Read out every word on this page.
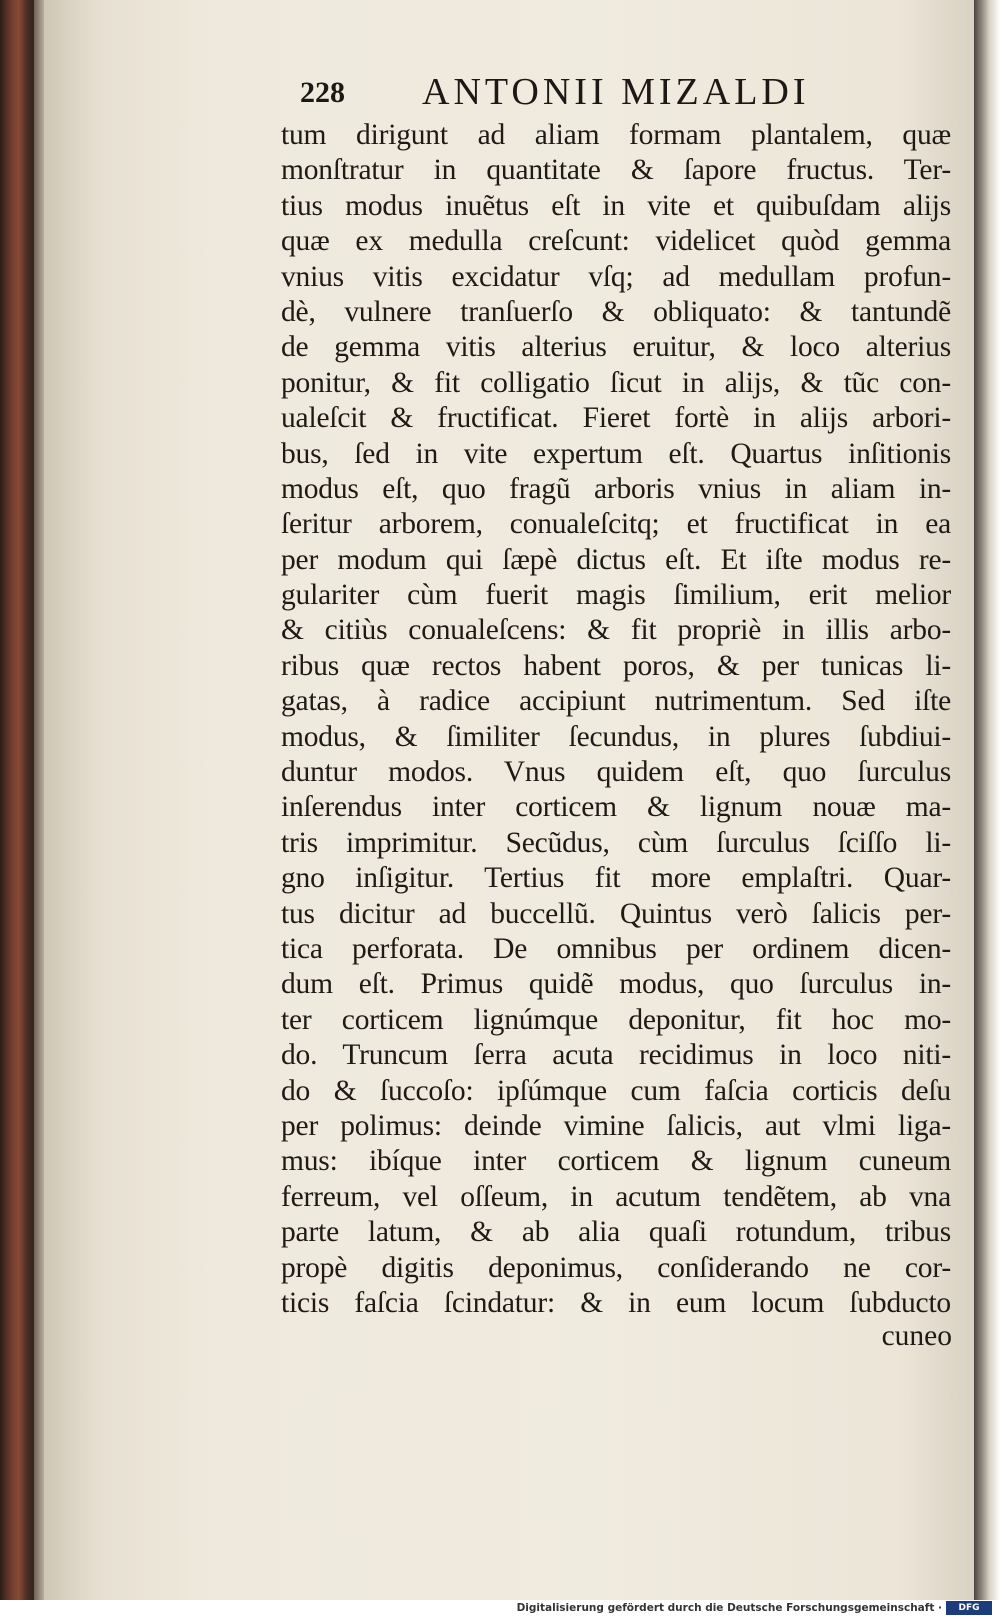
228 ANTONII MIZALDI
tum dirigunt ad aliam formam plantalem, quæ
monſtratur in quantitate & ſapore fructus. Ter-
tius modus inuẽtus eſt in vite et quibuſdam alijs
quæ ex medulla creſcunt: videlicet quòd gemma
vnius vitis excidatur vſq; ad medullam profun-
dè, vulnere tranſuerſo & obliquato: & tantundẽ
de gemma vitis alterius eruitur, & loco alterius
ponitur, & fit colligatio ſicut in alijs, & tũc con-
ualeſcit & fructificat. Fieret fortè in alijs arbori-
bus, ſed in vite expertum eſt. Quartus inſitionis
modus eſt, quo fragũ arboris vnius in aliam in-
ſeritur arborem, conualeſcitq; et fructificat in ea
per modum qui ſæpè dictus eſt. Et iſte modus re-
gulariter cùm fuerit magis ſimilium, erit melior
& citiùs conualeſcens: & fit propriè in illis arbo-
ribus quæ rectos habent poros, & per tunicas li-
gatas, à radice accipiunt nutrimentum. Sed iſte
modus, & ſimiliter ſecundus, in plures ſubdiui-
duntur modos. Vnus quidem eſt, quo ſurculus
inſerendus inter corticem & lignum nouæ ma-
tris imprimitur. Secũdus, cùm ſurculus ſciſſo li-
gno inſigitur. Tertius fit more emplaſtri. Quar-
tus dicitur ad buccellũ. Quintus verò ſalicis per-
tica perforata. De omnibus per ordinem dicen-
dum eſt. Primus quidẽ modus, quo ſurculus in-
ter corticem lignúmque deponitur, fit hoc mo-
do. Truncum ſerra acuta recidimus in loco niti-
do & ſuccoſo: ipſúmque cum faſcia corticis deſu
per polimus: deinde vimine ſalicis, aut vlmi liga-
mus: ibíque inter corticem & lignum cuneum
ferreum, vel oſſeum, in acutum tendẽtem, ab vna
parte latum, & ab alia quaſi rotundum, tribus
propè digitis deponimus, conſiderando ne cor-
ticis faſcia ſcindatur: & in eum locum ſubducto
cuneo
Digitalisierung gefördert durch die Deutsche Forschungsgemeinschaft ·	DFG
